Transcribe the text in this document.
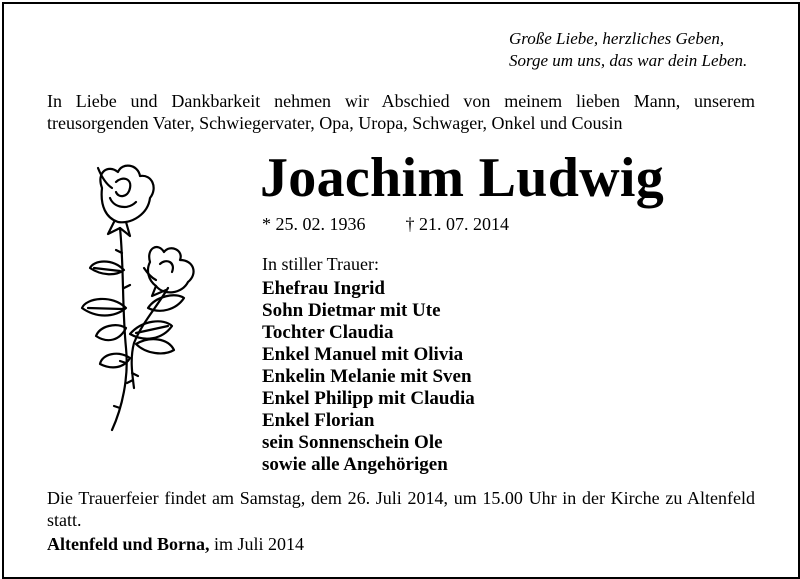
Große Liebe, herzliches Geben,
Sorge um uns, das war dein Leben.
In Liebe und Dankbarkeit nehmen wir Abschied von meinem lieben Mann, unserem treusorgenden Vater, Schwiegervater, Opa, Uropa, Schwager, Onkel und Cousin
Joachim Ludwig
* 25. 02. 1936 † 21. 07. 2014
In stiller Trauer:
Ehefrau Ingrid
Sohn Dietmar mit Ute
Tochter Claudia
Enkel Manuel mit Olivia
Enkelin Melanie mit Sven
Enkel Philipp mit Claudia
Enkel Florian
sein Sonnenschein Ole
sowie alle Angehörigen
Die Trauerfeier findet am Samstag, dem 26. Juli 2014, um 15.00 Uhr in der Kirche zu Altenfeld statt.
Altenfeld und Borna, im Juli 2014
